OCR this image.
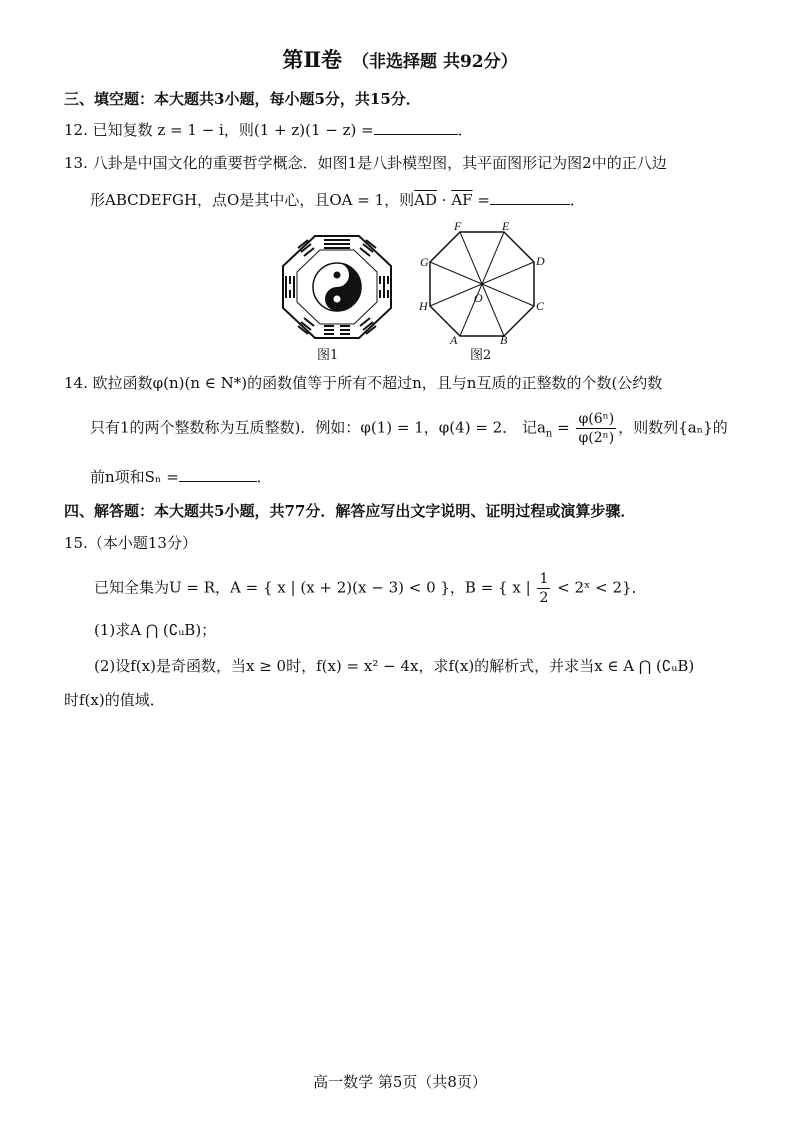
第Ⅱ卷 （非选择题 共92分）
三、填空题：本大题共3小题，每小题5分，共15分．
12. 已知复数 z = 1 − i，则(1 + z)(1 − z) =	．
13. 八卦是中国文化的重要哲学概念．如图1是八卦模型图，其平面图形记为图2中的正八边
形ABCDEFGH，点O是其中心，且OA = 1，则$\overline{AD} \cdot \overline{AF}$ =	．
图1
F	E
G	D
H	C
A	B
O
图2
14. 欧拉函数φ(n)(n ∈ N*)的函数值等于所有不超过n，且与n互质的正整数的个数(公约数
只有1的两个整数称为互质整数)．例如：φ(1) = 1，φ(4) = 2． 记$a_n = \frac{\text{φ(6ⁿ)}}{\text{φ(2ⁿ)}}$ ，则数列{aₙ}的
前n项和Sₙ =	．
四、解答题：本大题共5小题，共77分．解答应写出文字说明、证明过程或演算步骤．
15.（本小题13分）
已知全集为U = R，A = { x | (x + 2)(x − 3) < 0 }，B = { x | $\frac{1}{2}$ < 2ˣ < 2}．
(1)求A ⋂ (∁ᵤB)；
(2)设f(x)是奇函数，当x ≥ 0时，f(x) = x² − 4x，求f(x)的解析式，并求当x ∈ A ⋂ (∁ᵤB)
时f(x)的值域．
高一数学 第5页（共8页）
